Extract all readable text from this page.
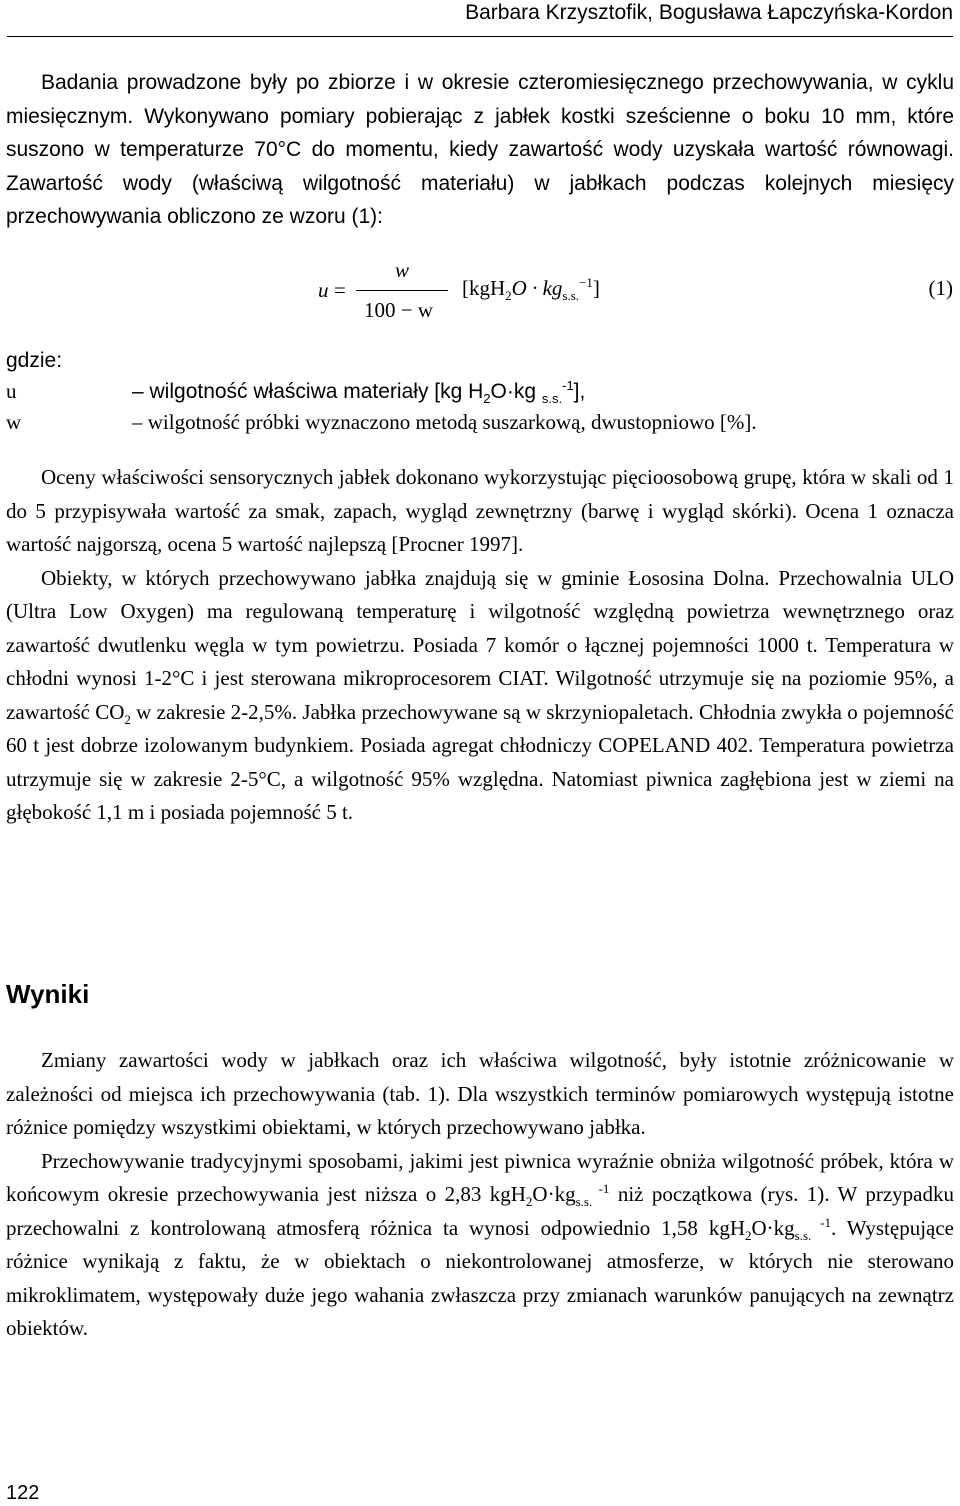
Barbara Krzysztofik, Bogusława Łapczyńska-Kordon

Badania prowadzone były po zbiorze i w okresie czteromiesięcznego przechowywania, w cyklu miesięcznym. Wykonywano pomiary pobierając z jabłek kostki sześcienne o boku 10 mm, które suszono w temperaturze 70°C do momentu, kiedy zawartość wody uzyskała wartość równowagi. Zawartość wody (właściwą wilgotność materiału) w jabłkach podczas kolejnych miesięcy przechowywania obliczono ze wzoru (1):

u =
w
100 − w
$[kgH_2O \cdot kg_{s.s.}^{-1}]$	(1)
gdzie:
u	– wilgotność właściwa materiały [kg $H_2O\cdot kg$ $_{s.s.}^{-1}$],
w	– wilgotność próbki wyznaczono metodą suszarkową, dwustopniowo [%].

Oceny właściwości sensorycznych jabłek dokonano wykorzystując pięcioosobową grupę, która w skali od 1 do 5 przypisywała wartość za smak, zapach, wygląd zewnętrzny (barwę i wygląd skórki). Ocena 1 oznacza wartość najgorszą, ocena 5 wartość najlepszą [Procner 1997].

Obiekty, w których przechowywano jabłka znajdują się w gminie Łososina Dolna. Przechowalnia ULO (Ultra Low Oxygen) ma regulowaną temperaturę i wilgotność względną powietrza wewnętrznego oraz zawartość dwutlenku węgla w tym powietrzu. Posiada 7 komór o łącznej pojemności 1000 t. Temperatura w chłodni wynosi 1-2°C i jest sterowana mikroprocesorem CIAT. Wilgotność utrzymuje się na poziomie 95%, a zawartość $CO_2$ w zakresie 2-2,5%. Jabłka przechowywane są w skrzyniopaletach. Chłodnia zwykła o pojemność 60 t jest dobrze izolowanym budynkiem. Posiada agregat chłodniczy COPELAND 402. Temperatura powietrza utrzymuje się w zakresie 2-5°C, a wilgotność 95% względna. Natomiast piwnica zagłębiona jest w ziemi na głębokość 1,1 m i posiada pojemność 5 t.

Wyniki

Zmiany zawartości wody w jabłkach oraz ich właściwa wilgotność, były istotnie zróżnicowanie w zależności od miejsca ich przechowywania (tab. 1). Dla wszystkich terminów pomiarowych występują istotne różnice pomiędzy wszystkimi obiektami, w których przechowywano jabłka.

Przechowywanie tradycyjnymi sposobami, jakimi jest piwnica wyraźnie obniża wilgotność próbek, która w końcowym okresie przechowywania jest niższa o 2,83 $kgH_2O\cdot kg_{s.s.}$ $^{-1}$ niż początkowa (rys. 1). W przypadku przechowalni z kontrolowaną atmosferą różnica ta wynosi odpowiednio 1,58 $kgH_2O\cdot kg_{s.s.}$ $^{-1}$. Występujące różnice wynikają z faktu, że w obiektach o niekontrolowanej atmosferze, w których nie sterowano mikroklimatem, występowały duże jego wahania zwłaszcza przy zmianach warunków panujących na zewnątrz obiektów.

122
